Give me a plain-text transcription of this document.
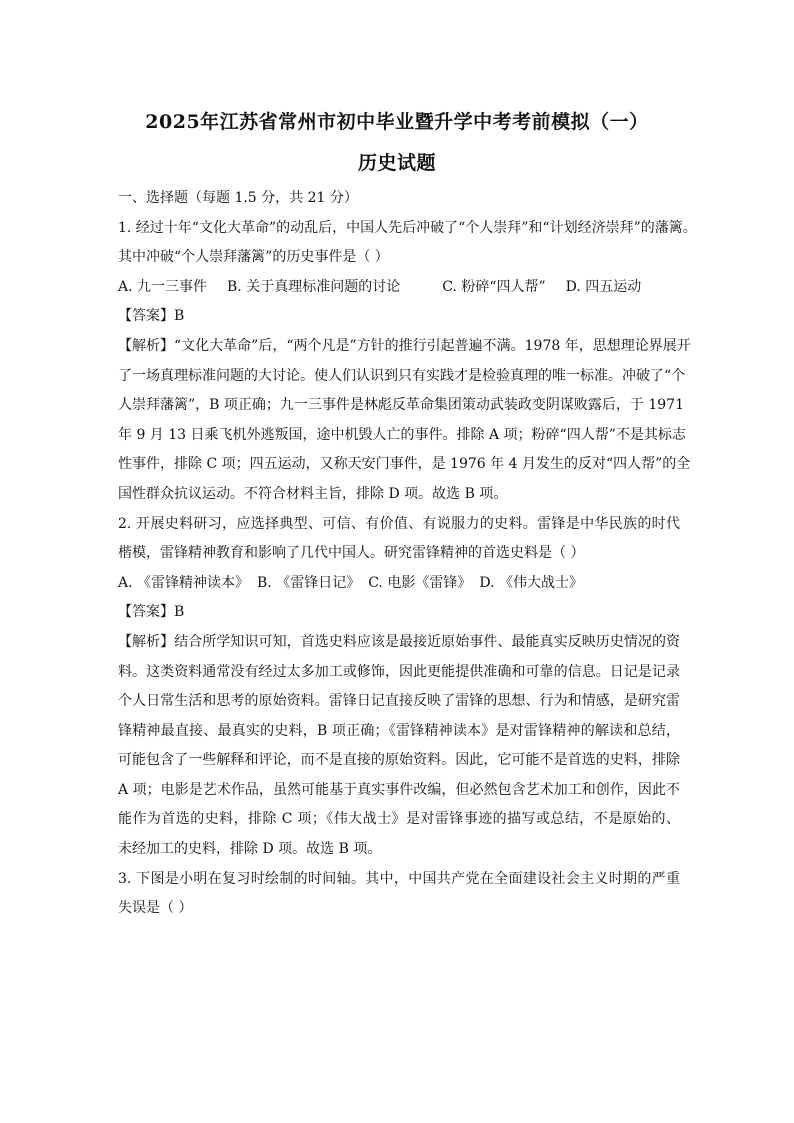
2025年江苏省常州市初中毕业暨升学中考考前模拟（一）
历史试题
一、选择题（每题 1.5 分，共 21 分）
1. 经过十年“文化大革命”的动乱后，中国人先后冲破了“个人崇拜”和“计划经济崇拜”的藩篱。
其中冲破“个人崇拜藩篱”的历史事件是（ ）
A. 九一三事件 B. 关于真理标准问题的讨论	C. 粉碎“四人帮” D. 四五运动
【答案】B
【解析】“文化大革命”后，“两个凡是”方针的推行引起普遍不满。1978 年，思想理论界展开
了一场真理标准问题的大讨论。使人们认识到只有实践才是检验真理的唯一标准。冲破了“个
人崇拜藩篱”，B 项正确；九一三事件是林彪反革命集团策动武装政变阴谋败露后，于 1971
年 9 月 13 日乘飞机外逃叛国，途中机毁人亡的事件。排除 A 项；粉碎“四人帮”不是其标志
性事件，排除 C 项；四五运动，又称天安门事件，是 1976 年 4 月发生的反对“四人帮”的全
国性群众抗议运动。不符合材料主旨，排除 D 项。故选 B 项。
2. 开展史料研习，应选择典型、可信、有价值、有说服力的史料。雷锋是中华民族的时代
楷模，雷锋精神教育和影响了几代中国人。研究雷锋精神的首选史料是（ ）
A. 《雷锋精神读本》 B. 《雷锋日记》 C. 电影《雷锋》 D. 《伟大战士》
【答案】B
【解析】结合所学知识可知，首选史料应该是最接近原始事件、最能真实反映历史情况的资
料。这类资料通常没有经过太多加工或修饰，因此更能提供准确和可靠的信息。日记是记录
个人日常生活和思考的原始资料。雷锋日记直接反映了雷锋的思想、行为和情感，是研究雷
锋精神最直接、最真实的史料，B 项正确；《雷锋精神读本》是对雷锋精神的解读和总结，
可能包含了一些解释和评论，而不是直接的原始资料。因此，它可能不是首选的史料，排除
A 项；电影是艺术作品，虽然可能基于真实事件改编，但必然包含艺术加工和创作，因此不
能作为首选的史料，排除 C 项；《伟大战士》是对雷锋事迹的描写或总结，不是原始的、
未经加工的史料，排除 D 项。故选 B 项。
3. 下图是小明在复习时绘制的时间轴。其中，中国共产党在全面建设社会主义时期的严重
失误是（ ）
